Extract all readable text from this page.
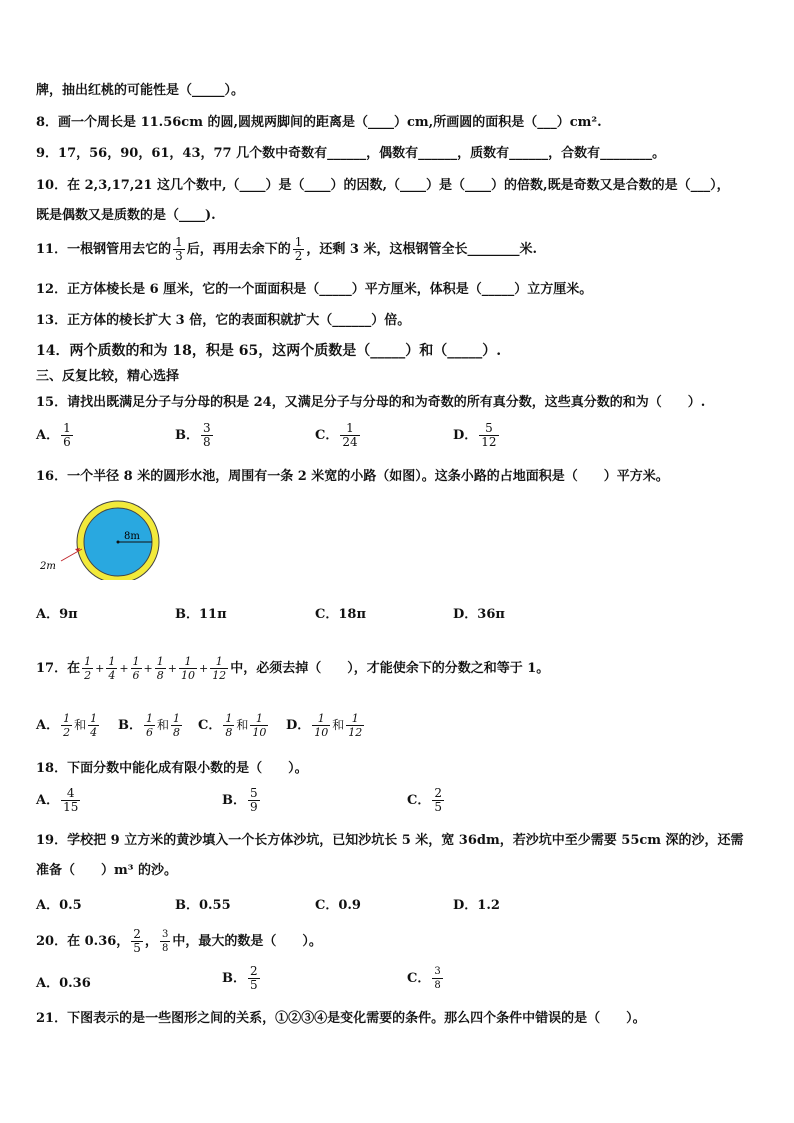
牌，抽出红桃的可能性是（_____）。
8．画一个周长是 11.56cm 的圆,圆规两脚间的距离是（____）cm,所画圆的面积是（___）cm².
9．17，56，90，61，43，77 几个数中奇数有______，偶数有______，质数有______，合数有________。
10．在 2,3,17,21 这几个数中,（____）是（____）的因数,（____）是（____）的倍数,既是奇数又是合数的是（___），
既是偶数又是质数的是（____).
11．一根钢管用去它的 $\frac{1}{3}$ 后，再用去余下的 $\frac{1}{2}$ ，还剩 3 米，这根钢管全长________米.
12．正方体棱长是 6 厘米，它的一个面面积是（_____）平方厘米，体积是（_____）立方厘米。
13．正方体的棱长扩大 3 倍，它的表面积就扩大（______）倍。
14．两个质数的和为 18，积是 65，这两个质数是（_____）和（_____）.
三、反复比较，精心选择
15．请找出既满足分子与分母的积是 24，又满足分子与分母的和为奇数的所有真分数，这些真分数的和为（　　）.
A． $\frac{1}{6}$	B． $\frac{3}{8}$	C． $\frac{1}{24}$	D． $\frac{5}{12}$
16．一个半径 8 米的圆形水池，周围有一条 2 米宽的小路（如图）。这条小路的占地面积是（　　）平方米。
8m
2m
A．9π	B．11π	C．18π	D．36π
17．在 $\frac{1}{2} + \frac{1}{4} + \frac{1}{6} + \frac{1}{8} + \frac{1}{10} + \frac{1}{12}$ 中，必须去掉（　　），才能使余下的分数之和等于 1。
A． $\frac{1}{2}$ 和 $\frac{1}{4}$ B． $\frac{1}{6}$ 和 $\frac{1}{8}$ C． $\frac{1}{8}$ 和 $\frac{1}{10}$ D． $\frac{1}{10}$ 和 $\frac{1}{12}$
18．下面分数中能化成有限小数的是（　　）。
A． $\frac{4}{15}$	B． $\frac{5}{9}$	C． $\frac{2}{5}$
19．学校把 9 立方米的黄沙填入一个长方体沙坑，已知沙坑长 5 米，宽 36dm，若沙坑中至少需要 55cm 深的沙，还需
准备（　　）m³ 的沙。
A．0.5	B．0.55	C．0.9	D．1.2
20．在 0.36， $\frac{2}{5}$ ， $\frac{3}{8}$ 中，最大的数是（　　）。
A．0.36	B． $\frac{2}{5}$	C． $\frac{3}{8}$
21．下图表示的是一些图形之间的关系，①②③④是变化需要的条件。那么四个条件中错误的是（　　）。
